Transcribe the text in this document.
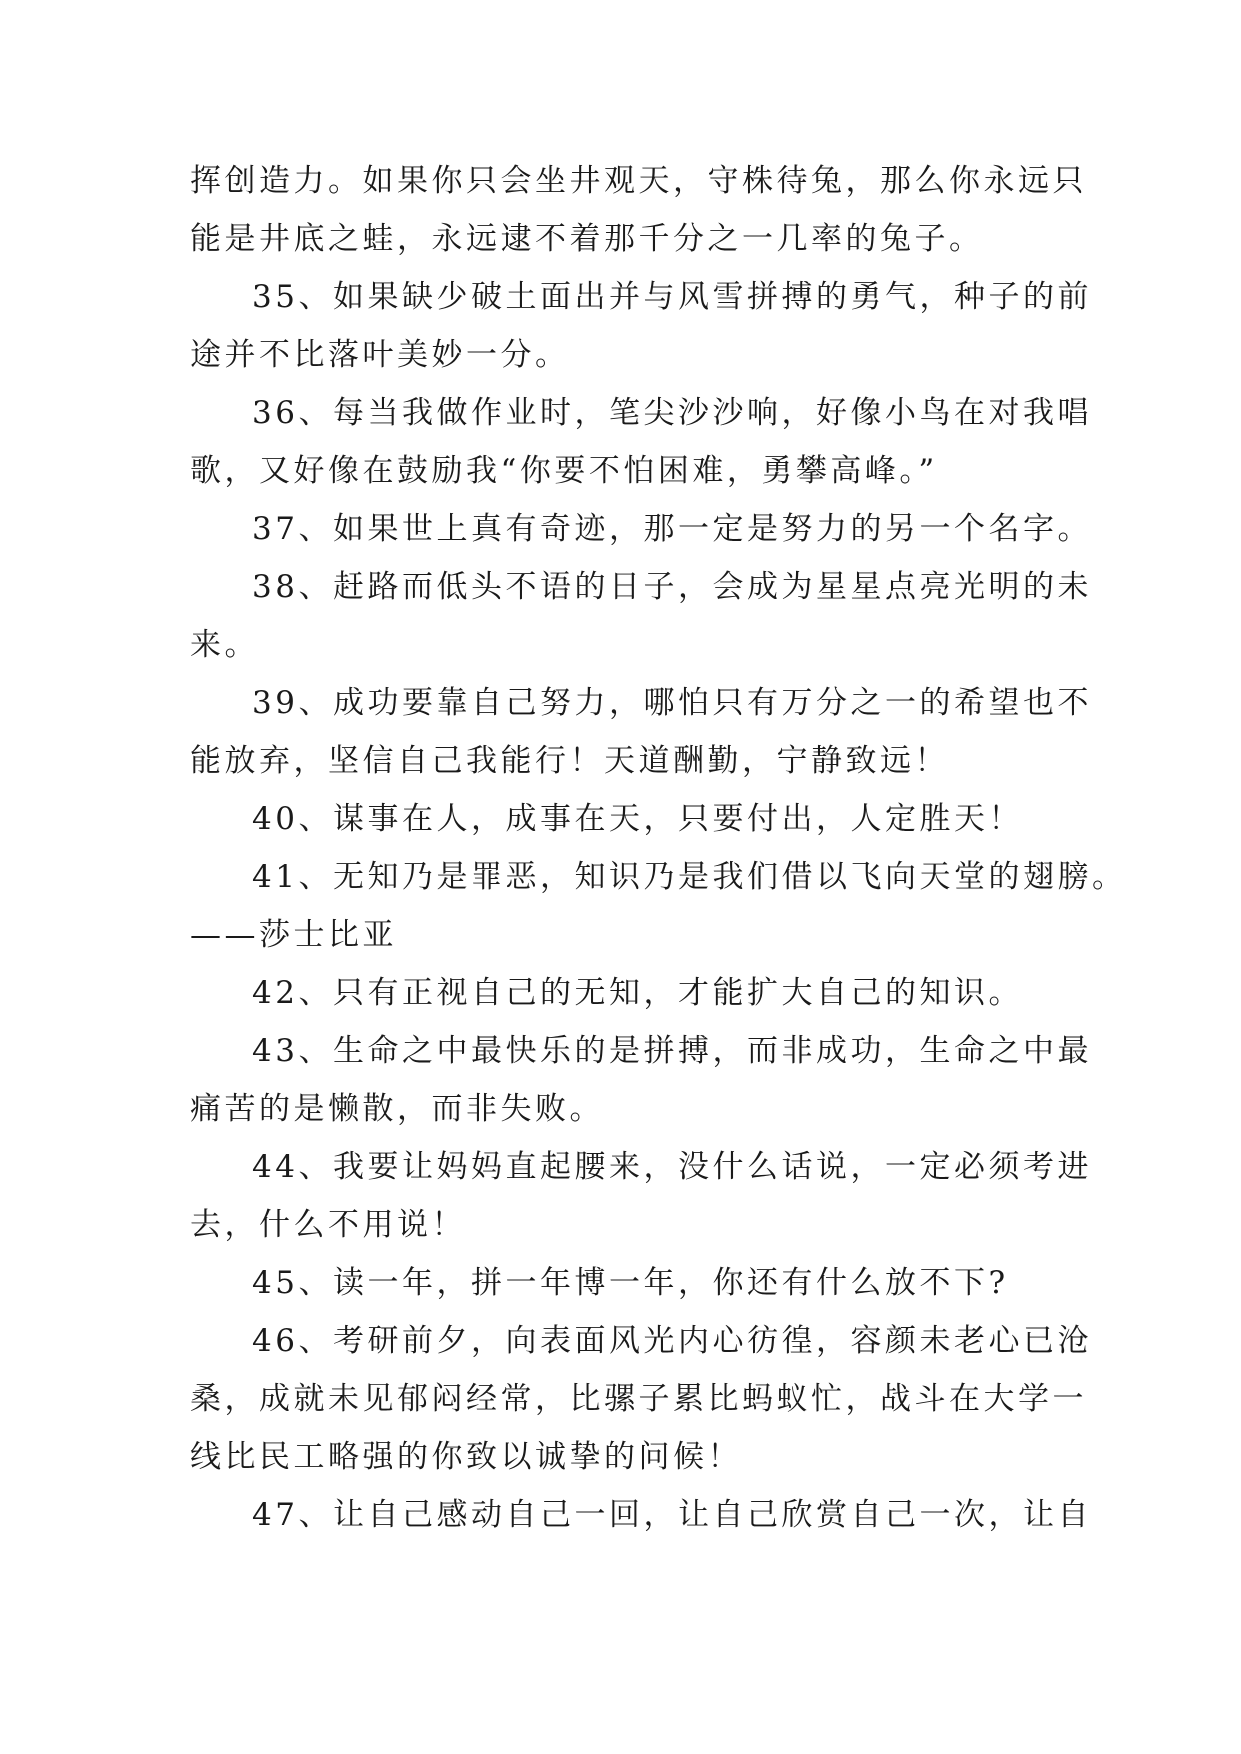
挥创造力。如果你只会坐井观天，守株待兔，那么你永远只
能是井底之蛙，永远逮不着那千分之一几率的兔子。

35、如果缺少破土面出并与风雪拼搏的勇气，种子的前
途并不比落叶美妙一分。

36、每当我做作业时，笔尖沙沙响，好像小鸟在对我唱
歌，又好像在鼓励我“你要不怕困难，勇攀高峰。”

37、如果世上真有奇迹，那一定是努力的另一个名字。

38、赶路而低头不语的日子，会成为星星点亮光明的未
来。

39、成功要靠自己努力，哪怕只有万分之一的希望也不
能放弃，坚信自己我能行！天道酬勤，宁静致远！

40、谋事在人，成事在天，只要付出，人定胜天！

41、无知乃是罪恶，知识乃是我们借以飞向天堂的翅膀。
——莎士比亚

42、只有正视自己的无知，才能扩大自己的知识。

43、生命之中最快乐的是拼搏，而非成功，生命之中最
痛苦的是懒散，而非失败。

44、我要让妈妈直起腰来，没什么话说，一定必须考进
去，什么不用说！

45、读一年，拼一年博一年，你还有什么放不下?

46、考研前夕，向表面风光内心彷徨，容颜未老心已沧
桑，成就未见郁闷经常，比骡子累比蚂蚁忙，战斗在大学一
线比民工略强的你致以诚挚的问候！

47、让自己感动自己一回，让自己欣赏自己一次，让自
